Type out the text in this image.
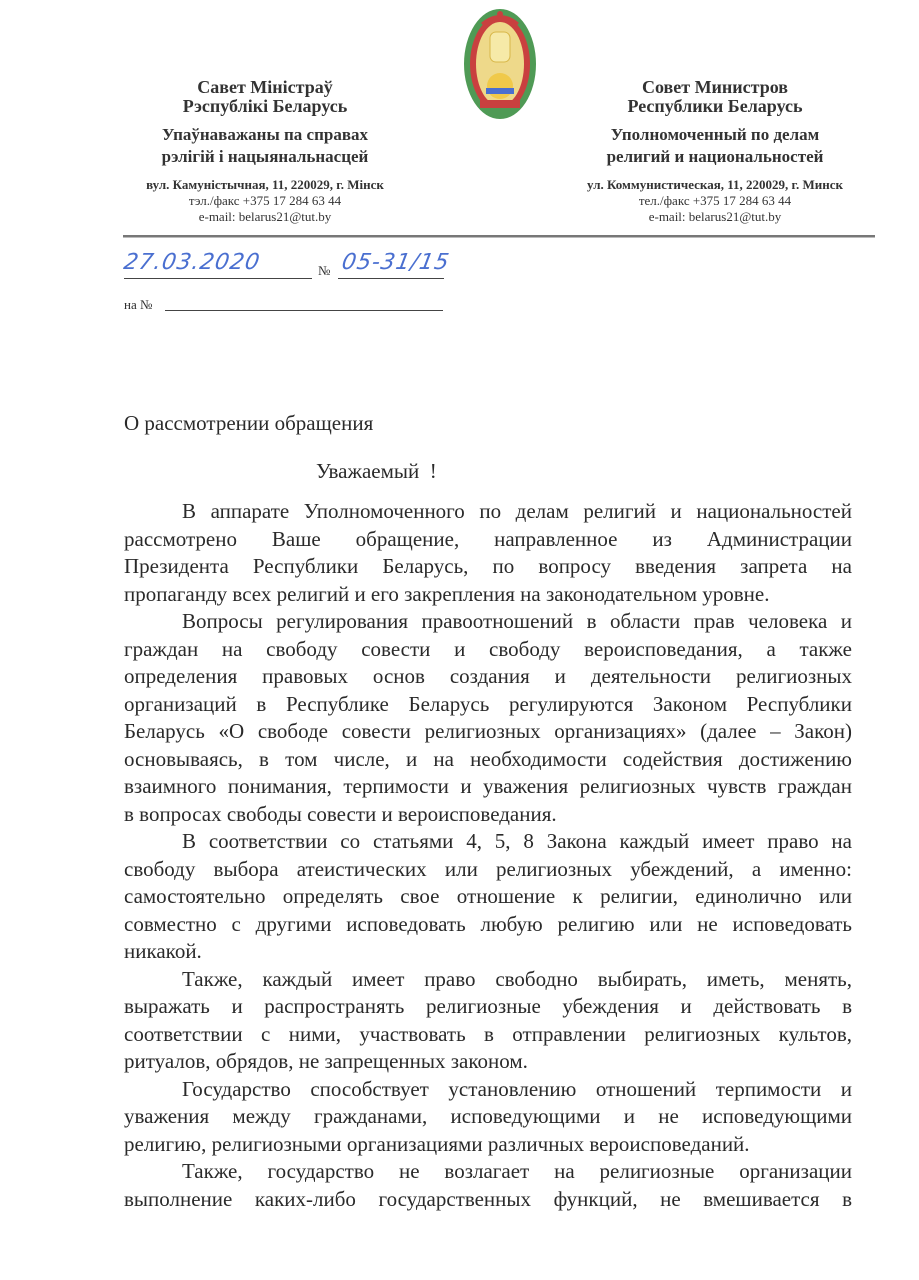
Савет Міністраў
Рэспублікі Беларусь
Упаўнаважаны па справах
рэлігій і нацыянальнасцей
вул. Камуністычная, 11, 220029, г. Мінск
тэл./факс +375 17 284 63 44
e-mail: belarus21@tut.by
Совет Министров
Республики Беларусь
Уполномоченный по делам
религий и национальностей
ул. Коммунистическая, 11, 220029, г. Минск
тел./факс +375 17 284 63 44
e-mail: belarus21@tut.by
27.03.2020	№ 05-31/15
на №
О рассмотрении обращения
Уважаемый  !
В аппарате Уполномоченного по делам религий и национальностей
рассмотрено Ваше обращение, направленное из Администрации
Президента Республики Беларусь, по вопросу введения запрета на
пропаганду всех религий и его закрепления на законодательном уровне.
Вопросы регулирования правоотношений в области прав человека и
граждан на свободу совести и свободу вероисповедания, а также
определения правовых основ создания и деятельности религиозных
организаций в Республике Беларусь регулируются Законом Республики
Беларусь «О свободе совести религиозных организациях» (далее – Закон)
основываясь, в том числе, и на необходимости содействия достижению
взаимного понимания, терпимости и уважения религиозных чувств граждан
в вопросах свободы совести и вероисповедания.
В соответствии со статьями 4, 5, 8 Закона каждый имеет право на
свободу выбора атеистических или религиозных убеждений, а именно:
самостоятельно определять свое отношение к религии, единолично или
совместно с другими исповедовать любую религию или не исповедовать
никакой.
Также, каждый имеет право свободно выбирать, иметь, менять,
выражать и распространять религиозные убеждения и действовать в
соответствии с ними, участвовать в отправлении религиозных культов,
ритуалов, обрядов, не запрещенных законом.
Государство способствует установлению отношений терпимости и
уважения между гражданами, исповедующими и не исповедующими
религию, религиозными организациями различных вероисповеданий.
Также, государство не возлагает на религиозные организации
выполнение каких-либо государственных функций, не вмешивается в
